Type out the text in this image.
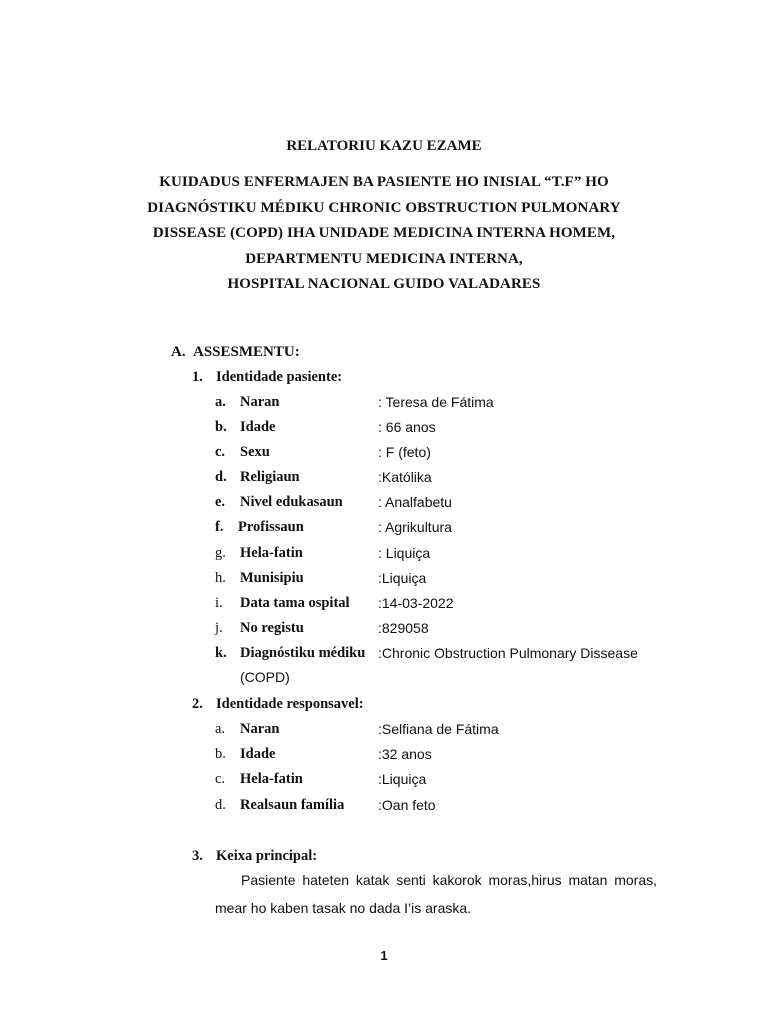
RELATORIU KAZU EZAME
KUIDADUS ENFERMAJEN BA PASIENTE HO INISIAL “T.F” HO
DIAGNÓSTIKU MÉDIKU CHRONIC OBSTRUCTION PULMONARY
DISSEASE (COPD) IHA UNIDADE MEDICINA INTERNA HOMEM,
DEPARTMENTU MEDICINA INTERNA,
HOSPITAL NACIONAL GUIDO VALADARES
A. ASSESMENTU:
1. Identidade pasiente:
a. Naran	: Teresa de Fátima
b. Idade	: 66 anos
c.	Sexu	: F (feto)
d. Religiaun	:Katólika
e.	Nivel edukasaun	: Analfabetu
f.	Profissaun	: Agrikultura
g. Hela-fatin	: Liquiça
h. Munisipiu	:Liquiça
i.	Data tama ospital :14-03-2022
j.	No registu	:829058
k. Diagnóstiku médiku :Chronic Obstruction Pulmonary Dissease
(COPD)
2. Identidade responsavel:
a.	Naran	:Selfiana de Fátima
b. Idade	:32 anos
c.	Hela-fatin	:Liquiça
d. Realsaun família :Oan feto
3. Keixa principal:
Pasiente hateten katak senti kakorok moras,hirus matan moras,
mear ho kaben tasak no dada I’is araska.
1
